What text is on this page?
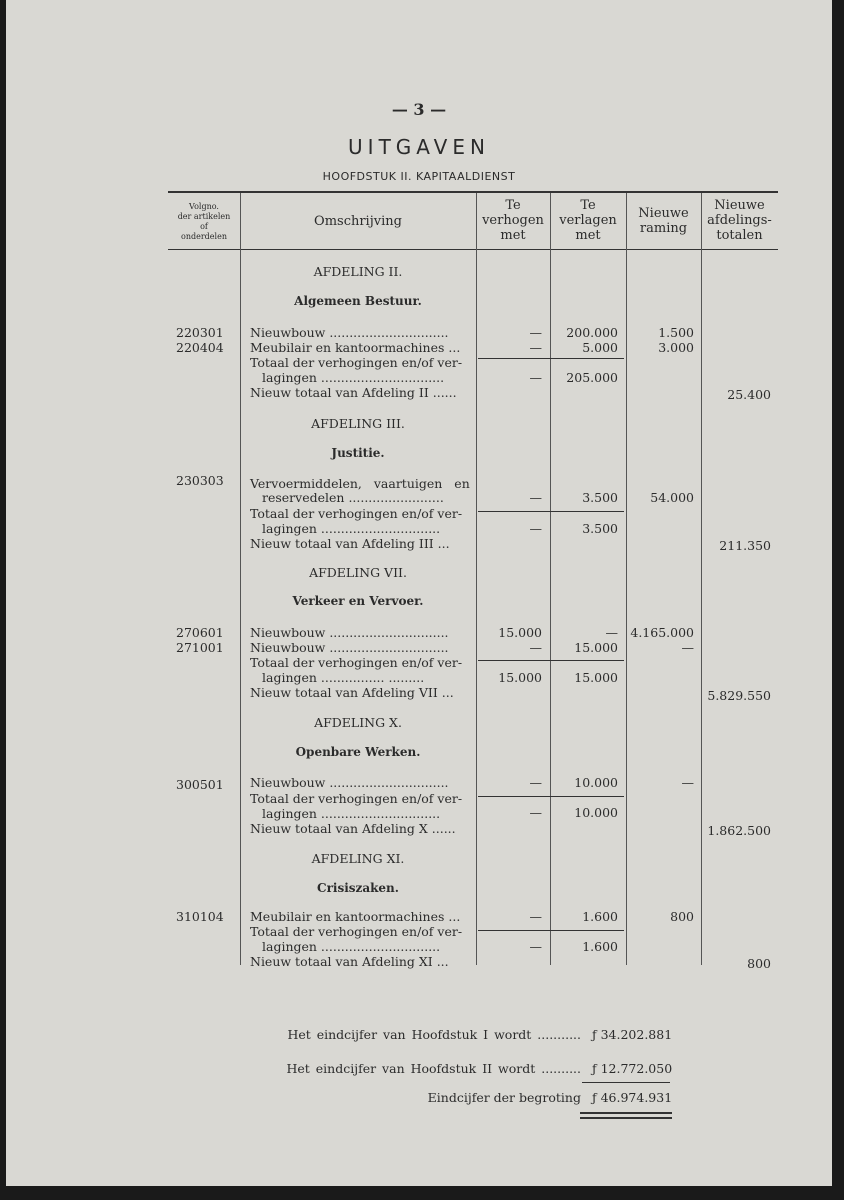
— 3 —
UITGAVEN
HOOFDSTUK II. KAPITAALDIENST
Volgno.
der artikelen
of
onderdelen
Omschrijving
Te
verhogen
met
Te
verlagen
met
Nieuwe
raming
Nieuwe
afdelings-
totalen
AFDELING II.
Algemeen Bestuur.
220301 Nieuwbouw ..............................	—	200.000	1.500
220404 Meubilair en kantoormachines ...	—	5.000	3.000
Totaal der verhogingen en/of ver-
lagingen ...............................	—	205.000
Nieuw totaal van Afdeling II ......	25.400
AFDELING III.
Justitie.
230303 Vervoermiddelen, vaartuigen en
reservedelen ........................	—	3.500	54.000
Totaal der verhogingen en/of ver-
lagingen ..............................	—	3.500
Nieuw totaal van Afdeling III ...	211.350
AFDELING VII.
Verkeer en Vervoer.
270601 Nieuwbouw ..............................	15.000	— 4.165.000
271001 Nieuwbouw ..............................	—	15.000	—
Totaal der verhogingen en/of ver-
lagingen ................ .........	15.000	15.000
Nieuw totaal van Afdeling VII ...	5.829.550
AFDELING X.
Openbare Werken.
300501 Nieuwbouw ..............................	—	10.000	—
Totaal der verhogingen en/of ver-
lagingen ..............................	—	10.000
Nieuw totaal van Afdeling X ......	1.862.500
AFDELING XI.
Crisiszaken.
310104 Meubilair en kantoormachines ...	—	1.600	800
Totaal der verhogingen en/of ver-
lagingen ..............................	—	1.600
Nieuw totaal van Afdeling XI ...	800
Het eindcijfer van Hoofdstuk I wordt ........... ƒ 34.202.881
Het eindcijfer van Hoofdstuk II wordt .......... ƒ 12.772.050
Eindcijfer der begroting ƒ 46.974.931
